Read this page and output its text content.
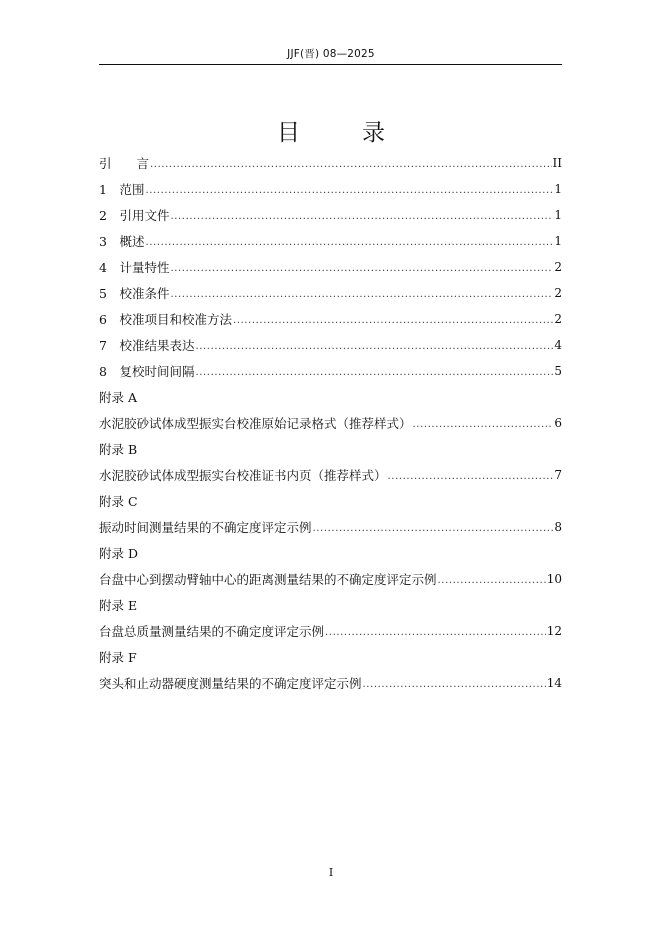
JJF(晋) 08—2025
目录
引　　言 .....	II
1　范围 .....	1
2　引用文件 .....	1
3　概述 .....	1
4　计量特性 .....	2
5　校准条件 .....	2
6　校准项目和校准方法 .....	2
7　校准结果表达 .....	4
8　复校时间间隔 .....	5
附录 A
水泥胶砂试体成型振实台校准原始记录格式（推荐样式） .....	6
附录 B
水泥胶砂试体成型振实台校准证书内页（推荐样式） .....	7
附录 C
振动时间测量结果的不确定度评定示例 .....	8
附录 D
台盘中心到摆动臂轴中心的距离测量结果的不确定度评定示例 .....	10
附录 E
台盘总质量测量结果的不确定度评定示例 .....	12
附录 F
突头和止动器硬度测量结果的不确定度评定示例 .....	14
I
